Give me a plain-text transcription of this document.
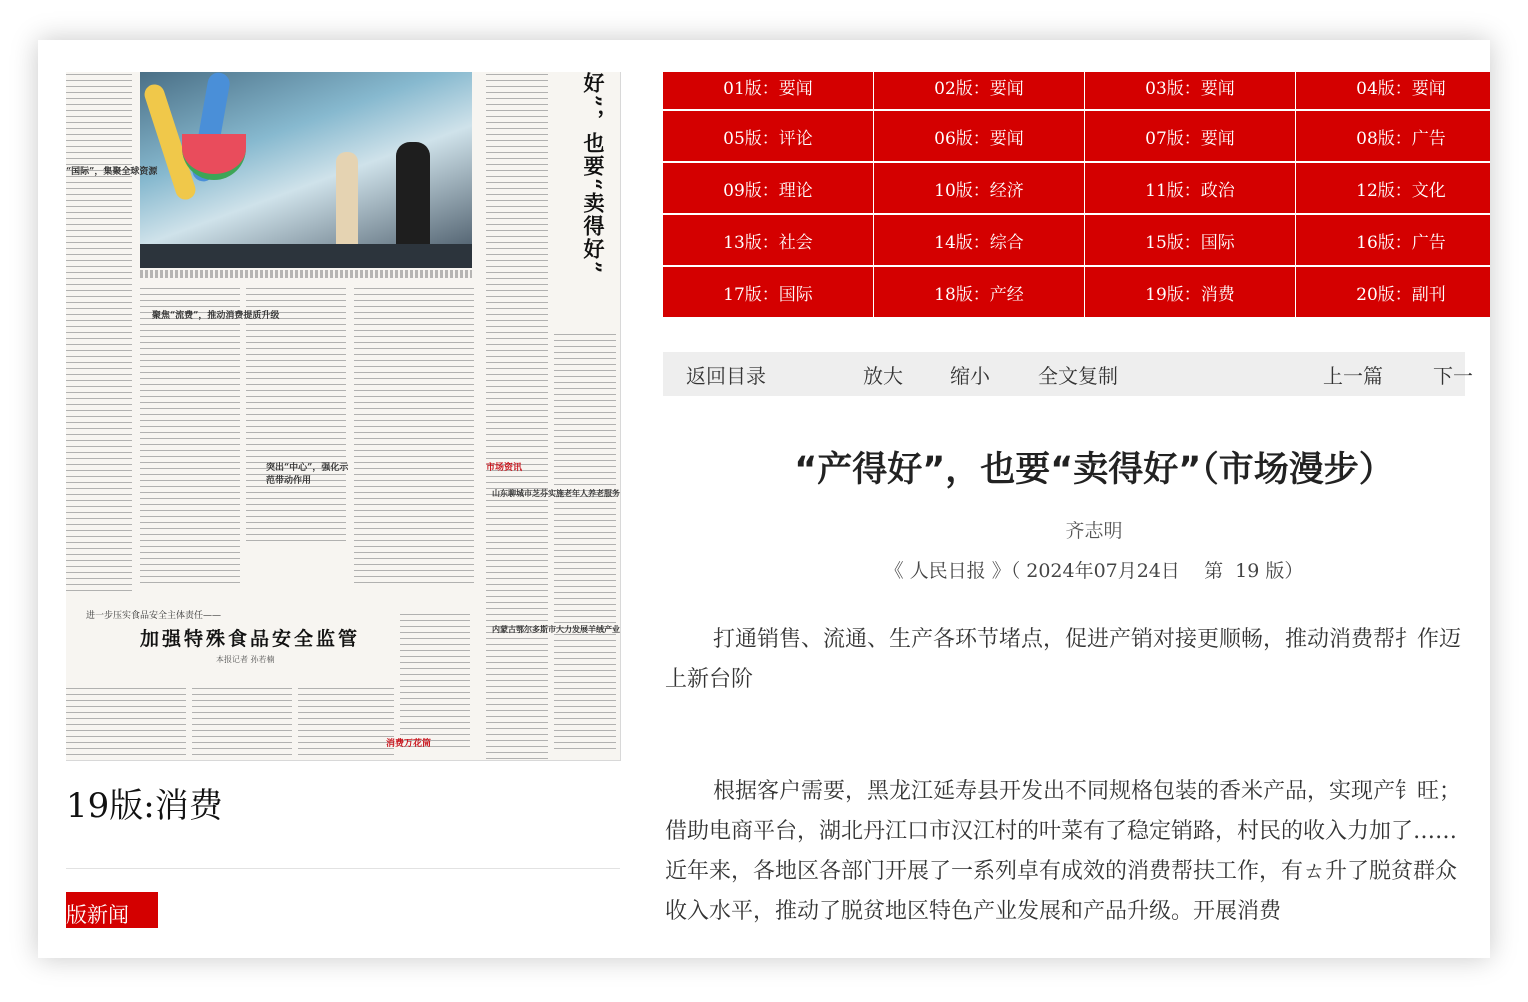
好”，也要“卖得好”
“国际”，集聚全球资源
聚焦“流费”，推动消费提质升级
突出“中心”，强化示范带动作用
市场资讯
山东聊城市芝芬实施老年人养老服务
进一步压实食品安全主体责任——
加强特殊食品安全监管
本报记者 孙若楠
内蒙古鄂尔多斯市大力发展羊绒产业
消费万花筒
19版:消费
版新闻
01版：要闻	02版：要闻	03版：要闻	04版：要闻
05版：评论	06版：要闻	07版：要闻	08版：广告
09版：理论	10版：经济	11版：政治	12版：文化
13版：社会	14版：综合	15版：国际	16版：广告
17版：国际	18版：产经	19版：消费	20版：副刊
返回目录	放大 缩小 全文复制	上一篇	下一
“产得好”，也要“卖得好”（市场漫步）
齐志明
《 人民日报 》（ 2024年07月24日    第  19 版）

打通销售、流通、生产各环节堵点，促进产销对接更顺畅，推动消费帮扌作迈上新台阶

根据客户需要，黑龙江延寿县开发出不同规格包装的香米产品，实现产钅旺；借助电商平台，湖北丹江口市汉江村的叶菜有了稳定销路，村民的收入力加了……近年来，各地区各部门开展了一系列卓有成效的消费帮扶工作，有ㄊ升了脱贫群众收入水平，推动了脱贫地区特色产业发展和产品升级。开展消费
